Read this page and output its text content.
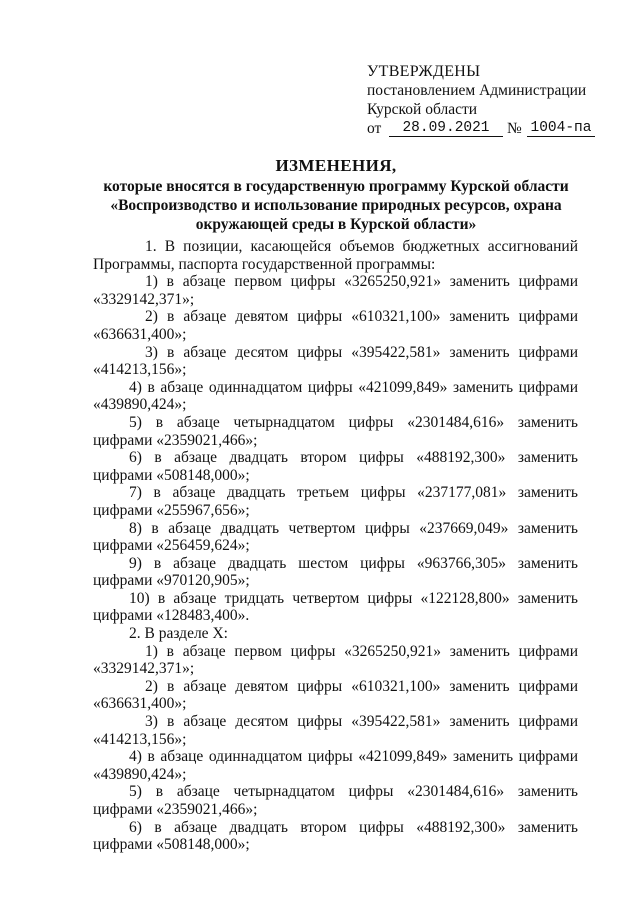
УТВЕРЖДЕНЫ
постановлением Администрации
Курской области
от	28.09.2021	№ 1004-па
ИЗМЕНЕНИЯ,
которые вносятся в государственную программу Курской области
«Воспроизводство и использование природных ресурсов, охрана
окружающей среды в Курской области»

1. В позиции, касающейся объемов бюджетных ассигнований Программы, паспорта государственной программы:

1) в абзаце первом цифры «3265250,921» заменить цифрами «3329142,371»;

2) в абзаце девятом цифры «610321,100» заменить цифрами «636631,400»;

3) в абзаце десятом цифры «395422,581» заменить цифрами «414213,156»;

4) в абзаце одиннадцатом цифры «421099,849» заменить цифрами «439890,424»;

5) в абзаце четырнадцатом цифры «2301484,616» заменить цифрами «2359021,466»;

6) в абзаце двадцать втором цифры «488192,300» заменить цифрами «508148,000»;

7) в абзаце двадцать третьем цифры «237177,081» заменить цифрами «255967,656»;

8) в абзаце двадцать четвертом цифры «237669,049» заменить цифрами «256459,624»;

9) в абзаце двадцать шестом цифры «963766,305» заменить цифрами «970120,905»;

10) в абзаце тридцать четвертом цифры «122128,800» заменить цифрами «128483,400».

2. В разделе X:

1) в абзаце первом цифры «3265250,921» заменить цифрами «3329142,371»;

2) в абзаце девятом цифры «610321,100» заменить цифрами «636631,400»;

3) в абзаце десятом цифры «395422,581» заменить цифрами «414213,156»;

4) в абзаце одиннадцатом цифры «421099,849» заменить цифрами «439890,424»;

5) в абзаце четырнадцатом цифры «2301484,616» заменить цифрами «2359021,466»;

6) в абзаце двадцать втором цифры «488192,300» заменить цифрами «508148,000»;
